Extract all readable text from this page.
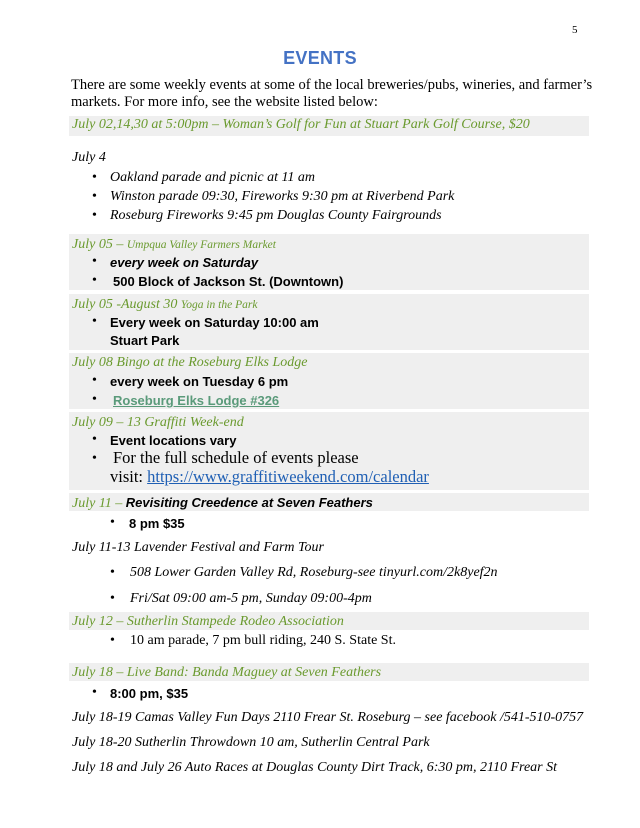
5
EVENTS
There are some weekly events at some of the local breweries/pubs, wineries, and farmer’s markets. For more info, see the website listed below:
July 02,14,30 at 5:00pm – Woman’s Golf for Fun at Stuart Park Golf Course, $20
July 4
• Oakland parade and picnic at 11 am
• Winston parade 09:30, Fireworks 9:30 pm at Riverbend Park
• Roseburg Fireworks 9:45 pm Douglas County Fairgrounds
July 05 – Umpqua Valley Farmers Market
• every week on Saturday
• 500 Block of Jackson St. (Downtown)
July 05 -August 30 Yoga in the Park
• Every week on Saturday 10:00 am
Stuart Park
July 08 Bingo at the Roseburg Elks Lodge
• every week on Tuesday 6 pm
• Roseburg Elks Lodge #326
July 09 – 13 Graffiti Week-end
• Event locations vary
• For the full schedule of events please
visit: https://www.graffitiweekend.com/calendar
July 11 – Revisiting Creedence at Seven Feathers
• 8 pm $35
July 11-13 Lavender Festival and Farm Tour
• 508 Lower Garden Valley Rd, Roseburg-see tinyurl.com/2k8yef2n
• Fri/Sat 09:00 am-5 pm, Sunday 09:00-4pm
July 12 – Sutherlin Stampede Rodeo Association
• 10 am parade, 7 pm bull riding, 240 S. State St.
July 18 – Live Band: Banda Maguey at Seven Feathers
• 8:00 pm, $35
July 18-19 Camas Valley Fun Days 2110 Frear St. Roseburg – see facebook /541-510-0757
July 18-20 Sutherlin Throwdown 10 am, Sutherlin Central Park
July 18 and July 26 Auto Races at Douglas County Dirt Track, 6:30 pm, 2110 Frear St
